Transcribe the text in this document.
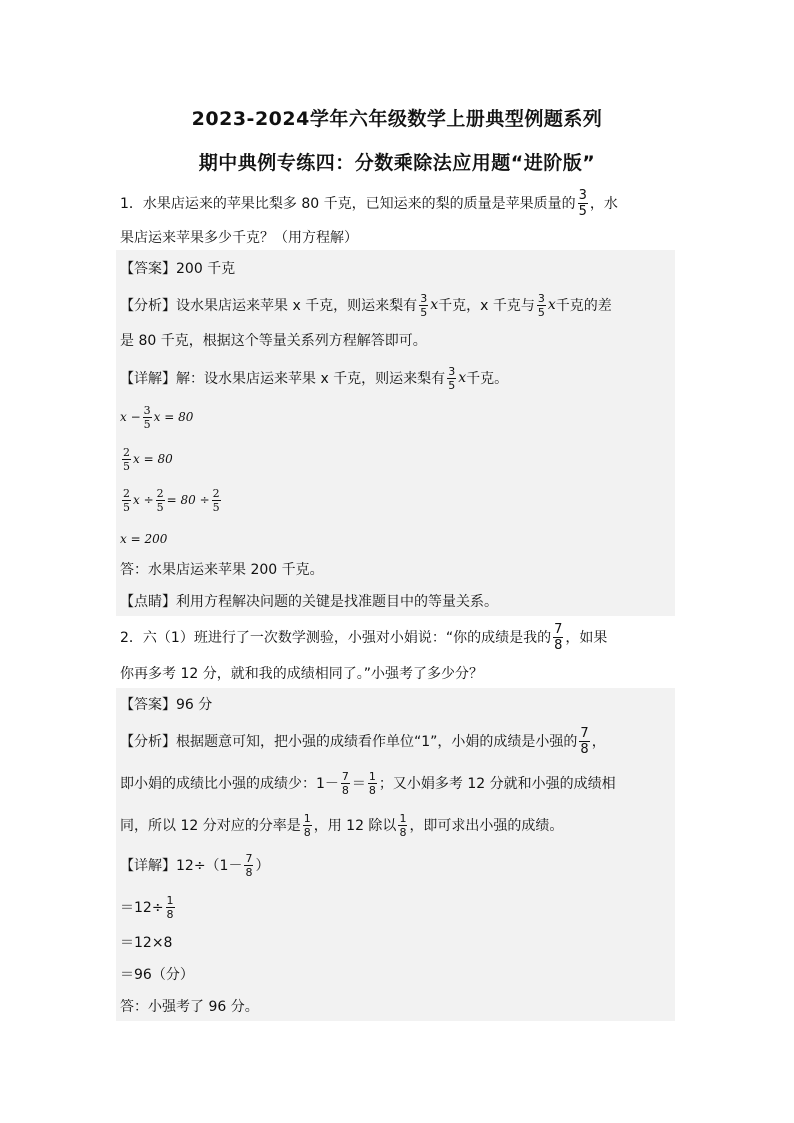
2023-2024学年六年级数学上册典型例题系列
期中典例专练四：分数乘除法应用题“进阶版”
1．水果店运来的苹果比梨多 80 千克，已知运来的梨的质量是苹果质量的 $\frac{3}{5}$ ，水
果店运来苹果多少千克？（用方程解）
【答案】200 千克
【分析】设水果店运来苹果 x 千克，则运来梨有 $\frac{3}{5}$ x 千克，x 千克与 $\frac{3}{5}$ x 千克的差
是 80 千克，根据这个等量关系列方程解答即可。
【详解】解：设水果店运来苹果 x 千克，则运来梨有 $\frac{3}{5}$ x 千克。
$x - \frac{3}{5}$ x = 80
$\frac{2}{5}$ x = 80
$\frac{2}{5}$ $x \div \frac{2}{5} = 80 \div \frac{2}{5}$
x = 200
答：水果店运来苹果 200 千克。
【点睛】利用方程解决问题的关键是找准题目中的等量关系。
2．六（1）班进行了一次数学测验，小强对小娟说：“你的成绩是我的 $\frac{7}{8}$ ，如果
你再多考 12 分，就和我的成绩相同了。”小强考了多少分？
【答案】96 分
【分析】根据题意可知，把小强的成绩看作单位“1”，小娟的成绩是小强的 $\frac{7}{8}$ ，
即小娟的成绩比小强的成绩少：$1- \frac{7}{8} = \frac{1}{8}$ ；又小娟多考 12 分就和小强的成绩相
同，所以 12 分对应的分率是 $\frac{1}{8}$ ，用 12 除以 $\frac{1}{8}$ ，即可求出小强的成绩。
【详解】$12\div(1- \frac{7}{8}$ ）
$=12\div \frac{1}{8}$
＝12×8
＝96（分）
答：小强考了 96 分。
